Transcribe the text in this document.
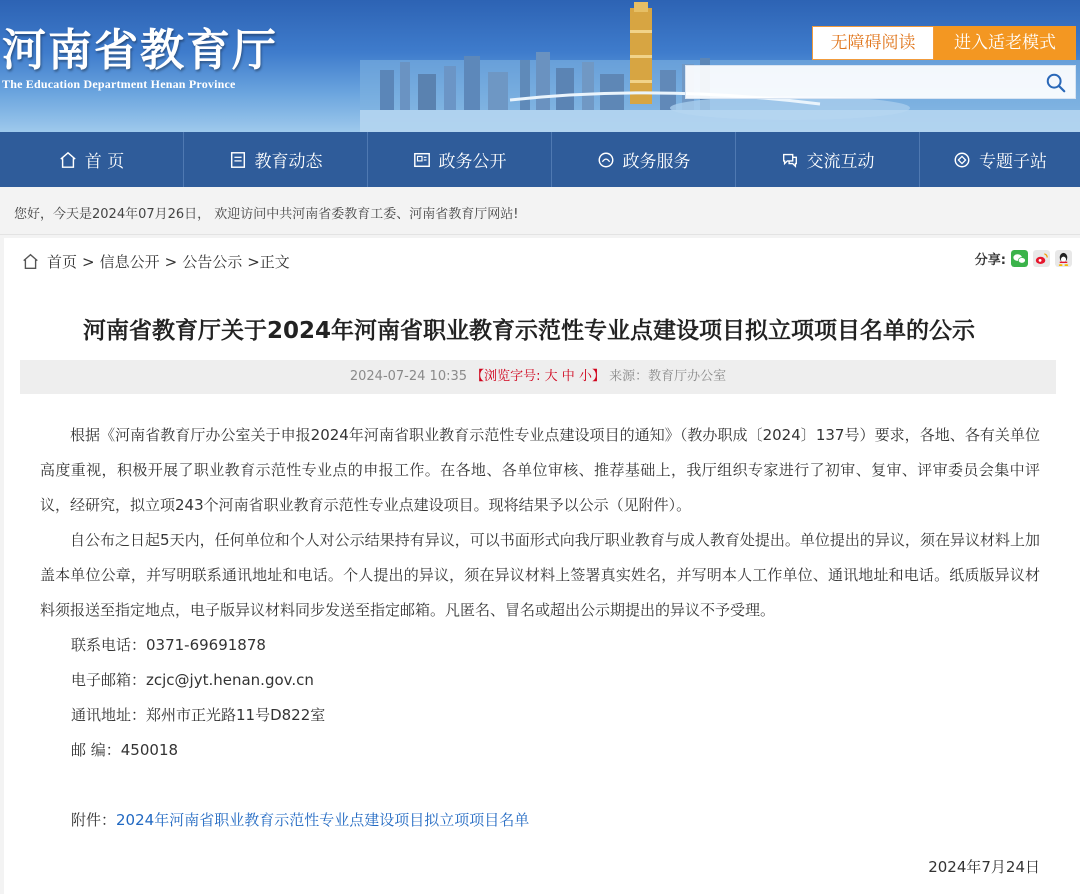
河南省教育厅
The Education Department Henan Province
无障碍阅读	进入适老模式
首 页	教育动态	政务公开	政务服务	交流互动	专题子站
您好，今天是2024年07月26日， 欢迎访问中共河南省委教育工委、河南省教育厅网站!
首页 > 信息公开 > 公告公示 >正文	分享:
河南省教育厅关于2024年河南省职业教育示范性专业点建设项目拟立项项目名单的公示
2024-07-24 10:35 【浏览字号: 大 中 小】 来源：教育厅办公室

根据《河南省教育厅办公室关于申报2024年河南省职业教育示范性专业点建设项目的通知》（教办职成〔2024〕137号）要求，各地、各有关单位高度重视，积极开展了职业教育示范性专业点的申报工作。在各地、各单位审核、推荐基础上，我厅组织专家进行了初审、复审、评审委员会集中评议，经研究，拟立项243个河南省职业教育示范性专业点建设项目。现将结果予以公示（见附件）。

自公布之日起5天内，任何单位和个人对公示结果持有异议，可以书面形式向我厅职业教育与成人教育处提出。单位提出的异议，须在异议材料上加盖本单位公章，并写明联系通讯地址和电话。个人提出的异议，须在异议材料上签署真实姓名，并写明本人工作单位、通讯地址和电话。纸质版异议材料须报送至指定地点，电子版异议材料同步发送至指定邮箱。凡匿名、冒名或超出公示期提出的异议不予受理。

联系电话：0371-69691878
电子邮箱：zcjc@jyt.henan.gov.cn
通讯地址：郑州市正光路11号D822室
邮 编：450018
附件：2024年河南省职业教育示范性专业点建设项目拟立项项目名单
2024年7月24日
